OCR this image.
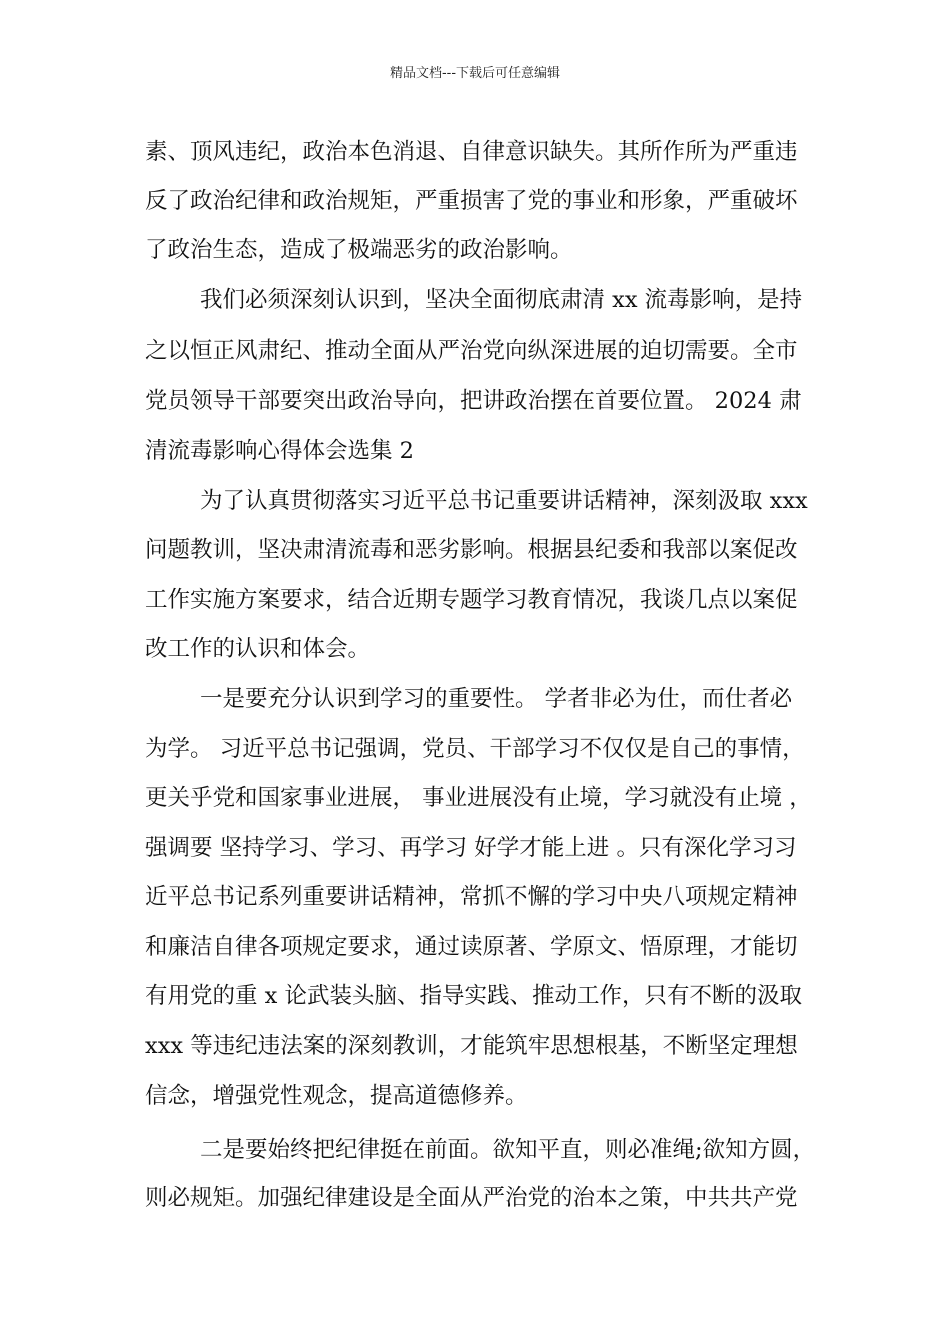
精品文档---下载后可任意编辑

素、顶风违纪，政治本色消退、自律意识缺失。其所作所为严重违

反了政治纪律和政治规矩，严重损害了党的事业和形象，严重破坏

了政治生态，造成了极端恶劣的政治影响。

我们必须深刻认识到，坚决全面彻底肃清 xx 流毒影响，是持

之以恒正风肃纪、推动全面从严治党向纵深进展的迫切需要。全市

党员领导干部要突出政治导向，把讲政治摆在首要位置。 2024 肃

清流毒影响心得体会选集 2

为了认真贯彻落实习近平总书记重要讲话精神，深刻汲取 xxx

问题教训，坚决肃清流毒和恶劣影响。根据县纪委和我部以案促改

工作实施方案要求，结合近期专题学习教育情况，我谈几点以案促

改工作的认识和体会。

一是要充分认识到学习的重要性。 学者非必为仕，而仕者必

为学。 习近平总书记强调，党员、干部学习不仅仅是自己的事情，

更关乎党和国家事业进展， 事业进展没有止境，学习就没有止境 ，

强调要 坚持学习、学习、再学习 好学才能上进 。只有深化学习习

近平总书记系列重要讲话精神，常抓不懈的学习中央八项规定精神

和廉洁自律各项规定要求，通过读原著、学原文、悟原理，才能切

有用党的重 x 论武装头脑、指导实践、推动工作，只有不断的汲取

xxx 等违纪违法案的深刻教训，才能筑牢思想根基，不断坚定理想

信念，增强党性观念，提高道德修养。

二是要始终把纪律挺在前面。欲知平直，则必准绳;欲知方圆，

则必规矩。加强纪律建设是全面从严治党的治本之策，中共共产党
